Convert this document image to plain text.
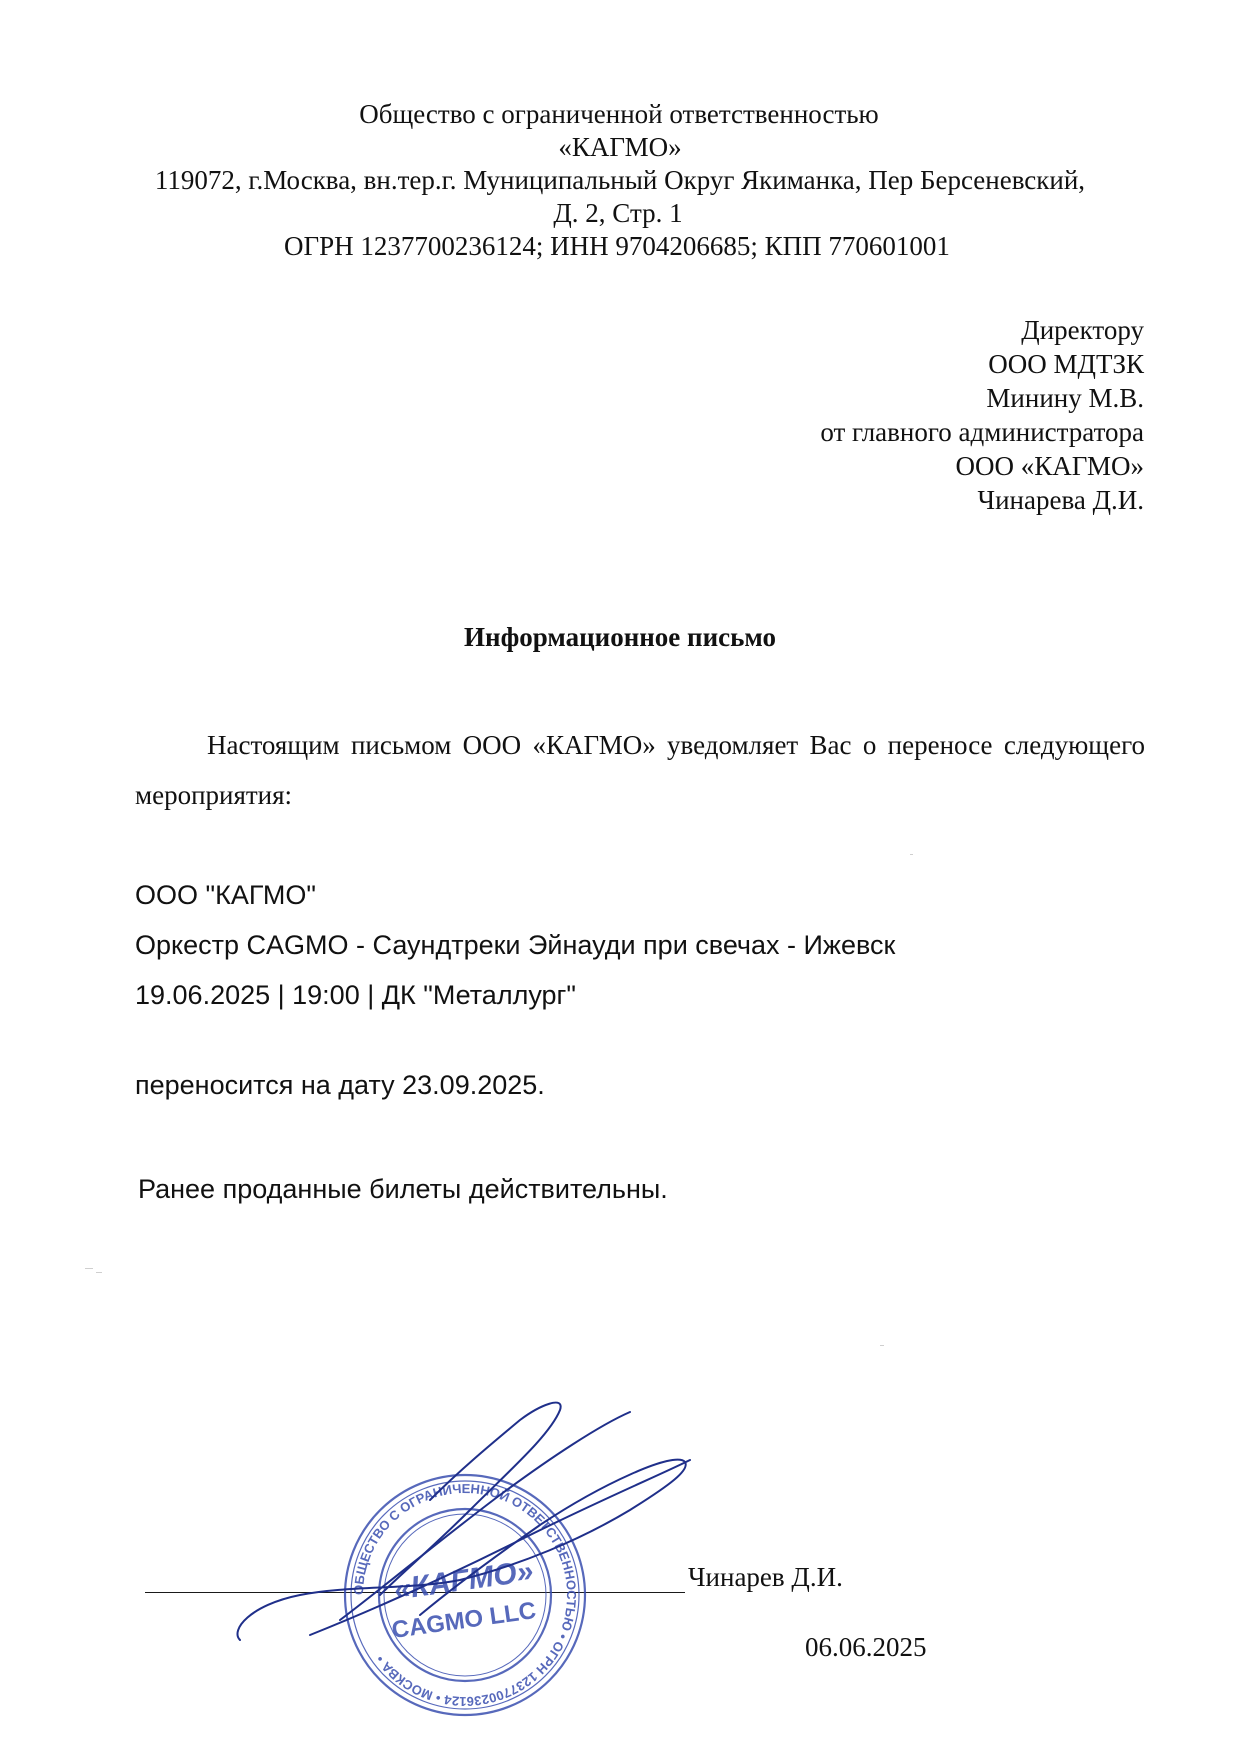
Общество с ограниченной ответственностью
«КАГМО»
119072, г.Москва, вн.тер.г. Муниципальный Округ Якиманка, Пер Берсеневский,
Д. 2, Стр. 1
ОГРН 1237700236124; ИНН 9704206685; КПП 770601001
Директору
ООО МДТЗК
Минину М.В.
от главного администратора
ООО «КАГМО»
Чинарева Д.И.
Информационное письмо
Настоящим письмом ООО «КАГМО» уведомляет Вас о переносе следующего мероприятия:
ООО "КАГМО"
Оркестр CAGMO - Саундтреки Эйнауди при свечах - Ижевск
19.06.2025 | 19:00 | ДК "Металлург"
переносится на дату 23.09.2025.
Ранее проданные билеты действительны.
Чинарев Д.И.
06.06.2025
ОБЩЕСТВО С ОГРАНИЧЕННОЙ ОТВЕТСТВЕННОСТЬЮ • ОГРН 1237700236124 • МОСКВА •
«КАГМО»
CAGMO LLC
